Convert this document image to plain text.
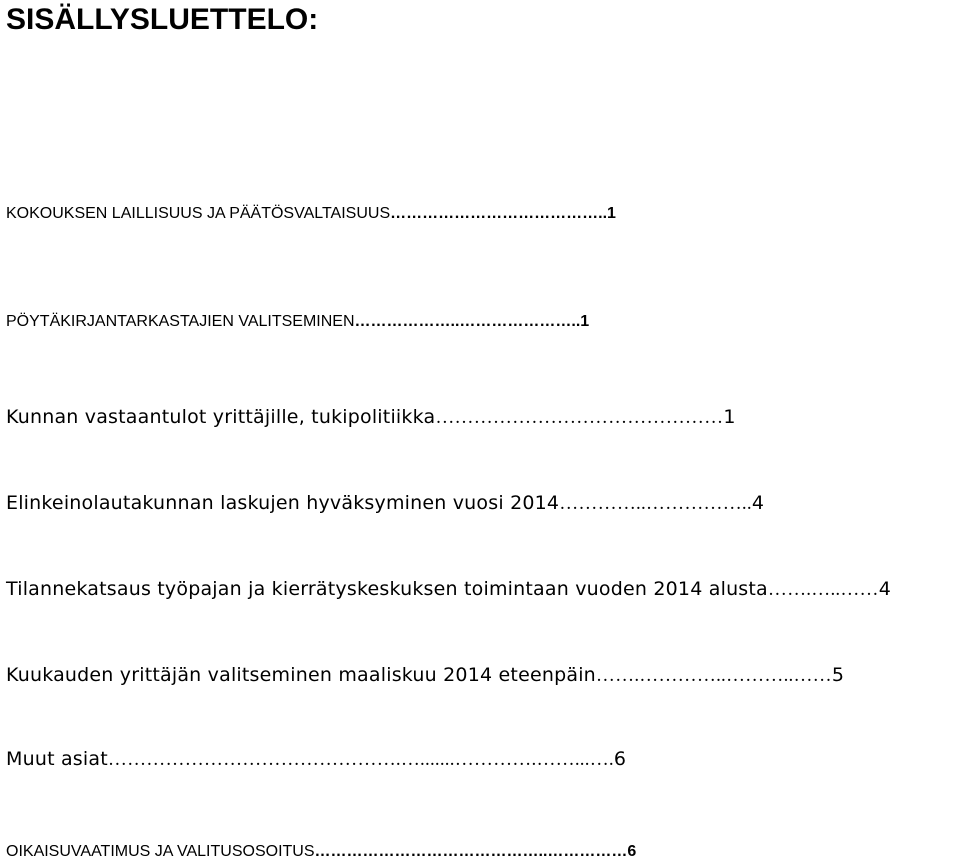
SISÄLLYSLUETTELO:
KOKOUKSEN LAILLISUUS JA PÄÄTÖSVALTAISUUS…………………………………..1
PÖYTÄKIRJANTARKASTAJIEN VALITSEMINEN………………..…………………..1
Kunnan vastaantulot yrittäjille, tukipolitiikka………………………………………1
Elinkeinolautakunnan laskujen hyväksyminen vuosi 2014…………..……………..4
Tilannekatsaus työpajan ja kierrätyskeskuksen toimintaan vuoden 2014 alusta…….…..……4
Kuukauden yrittäjän valitseminen maaliskuu 2014 eteenpäin…….…………..………..……5
Muut asiat……………………………………….….......………….……...….6
OIKAISUVAATIMUS JA VALITUSOSOITUS……………………………………..……………6
